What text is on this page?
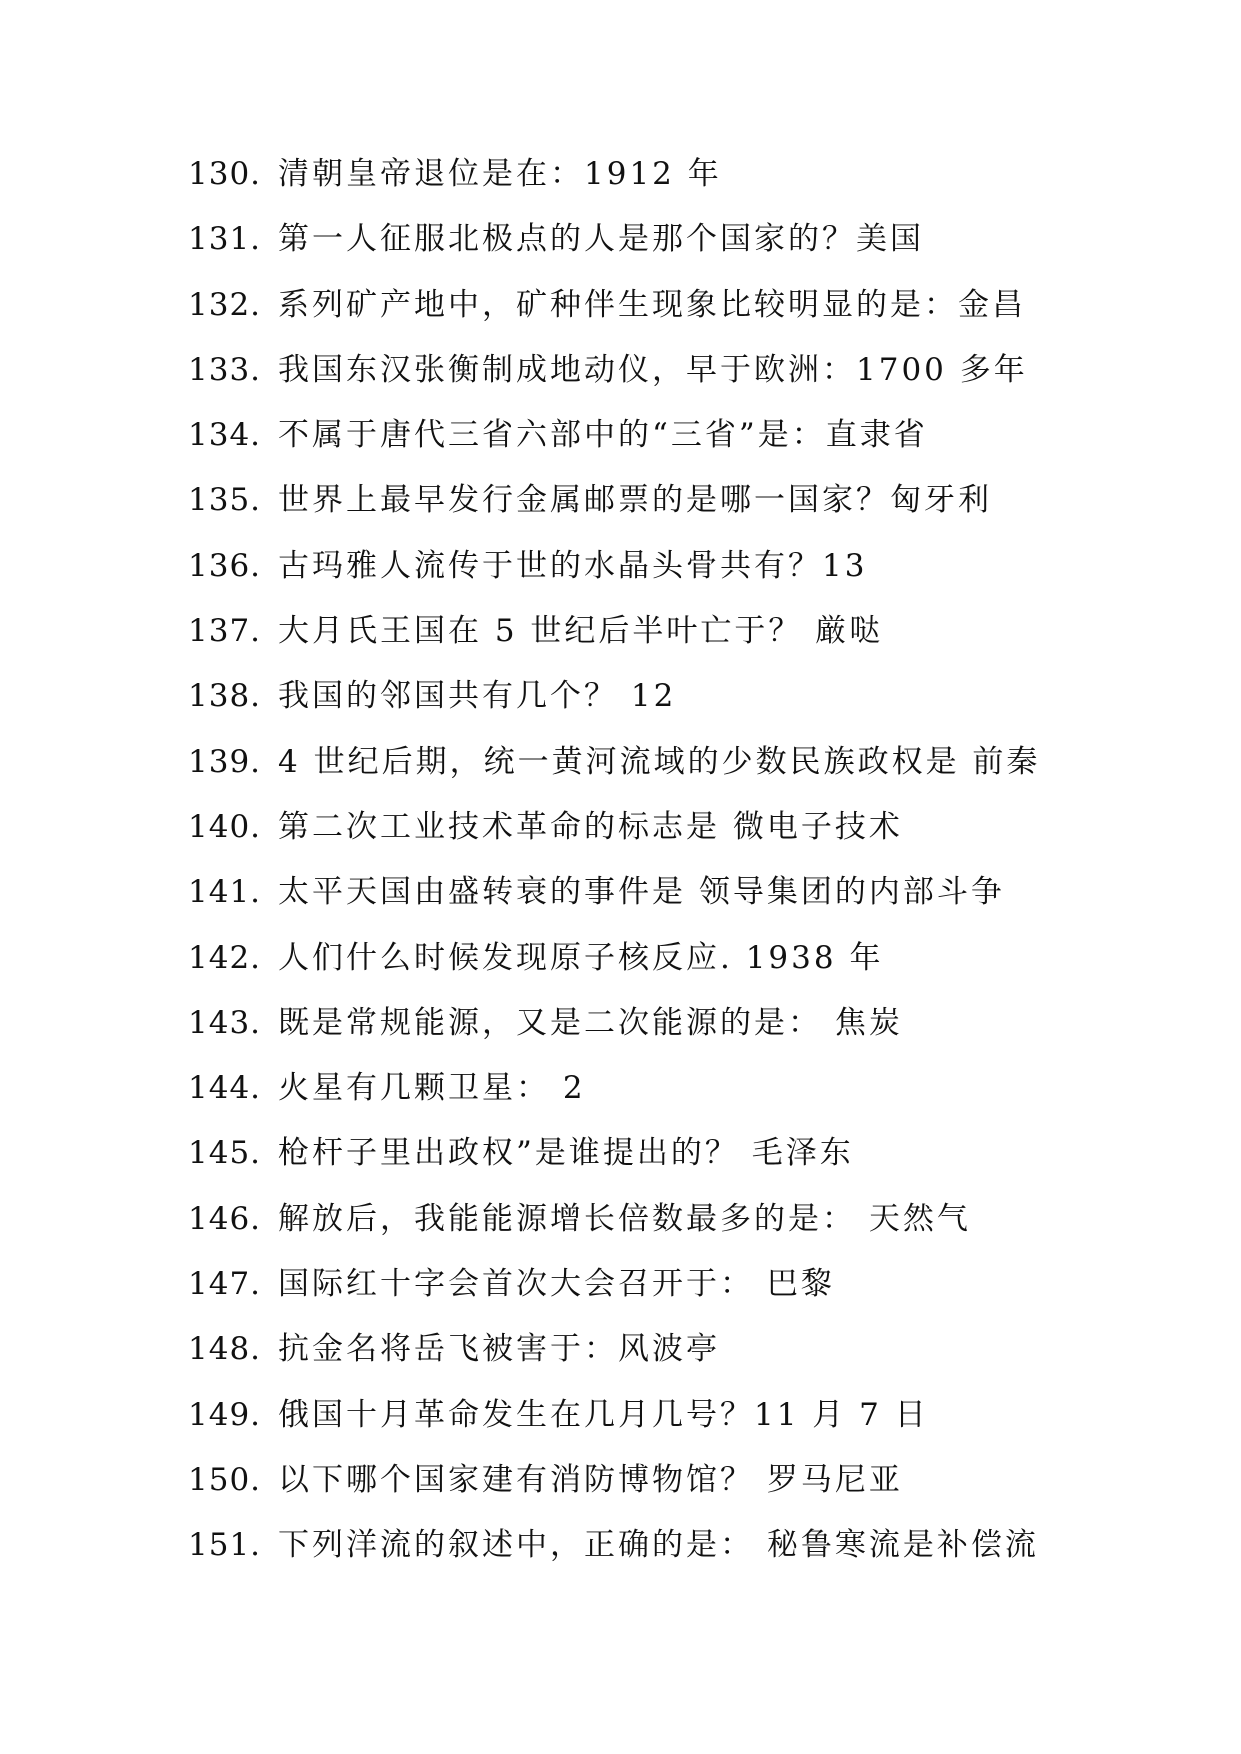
130. 清朝皇帝退位是在：1912 年
131. 第一人征服北极点的人是那个国家的？美国
132. 系列矿产地中，矿种伴生现象比较明显的是：金昌
133. 我国东汉张衡制成地动仪，早于欧洲：1700 多年
134. 不属于唐代三省六部中的“三省”是：直隶省
135. 世界上最早发行金属邮票的是哪一国家？匈牙利
136. 古玛雅人流传于世的水晶头骨共有？13
137. 大月氏王国在 5 世纪后半叶亡于？ 厳哒
138. 我国的邻国共有几个？ 12
139. 4 世纪后期，统一黄河流域的少数民族政权是 前秦
140. 第二次工业技术革命的标志是 微电子技术
141. 太平天国由盛转衰的事件是 领导集团的内部斗争
142. 人们什么时候发现原子核反应. 1938 年
143. 既是常规能源，又是二次能源的是： 焦炭
144. 火星有几颗卫星： 2
145. 枪杆子里出政权”是谁提出的？ 毛泽东
146. 解放后，我能能源增长倍数最多的是： 天然气
147. 国际红十字会首次大会召开于： 巴黎
148. 抗金名将岳飞被害于：风波亭
149. 俄国十月革命发生在几月几号？11 月 7 日
150. 以下哪个国家建有消防博物馆？ 罗马尼亚
151. 下列洋流的叙述中，正确的是： 秘鲁寒流是补偿流
